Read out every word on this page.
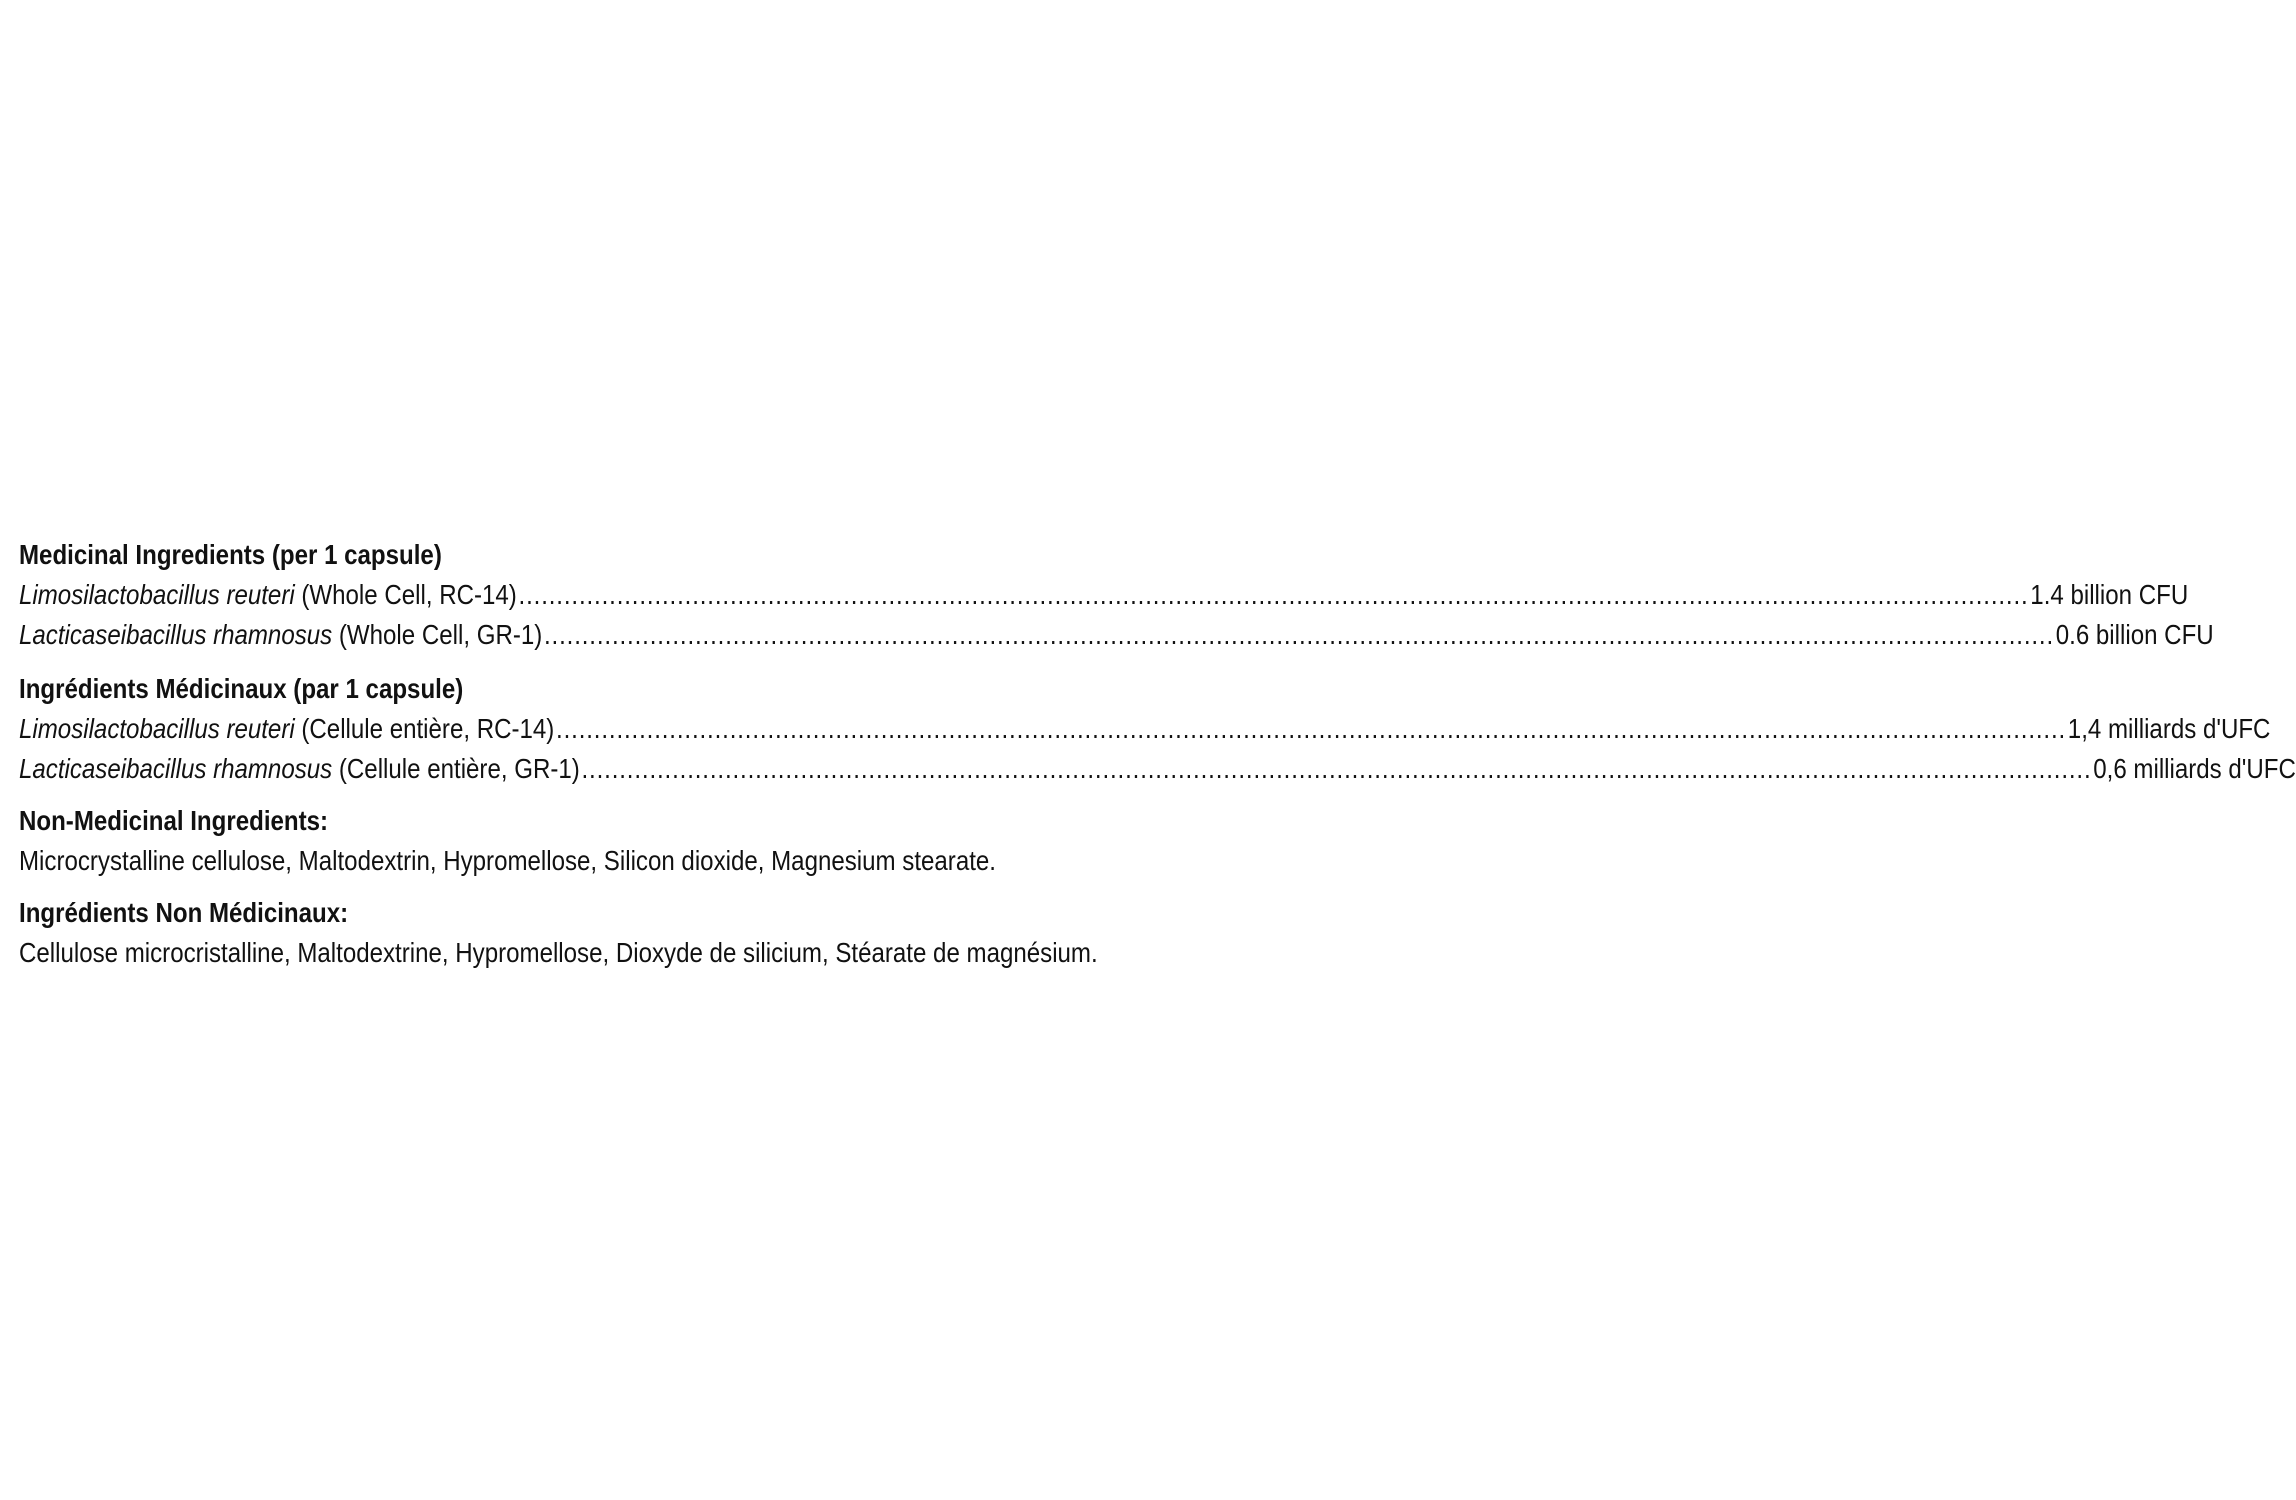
Medicinal Ingredients (per 1 capsule)
Limosilactobacillus reuteri (Whole Cell, RC-14) ........................................................................................................................................................................................................ 1.4 billion CFU
Lacticaseibacillus rhamnosus (Whole Cell, GR-1) ........................................................................................................................................................................................................ 0.6 billion CFU
Ingrédients Médicinaux (par 1 capsule)
Limosilactobacillus reuteri (Cellule entière, RC-14) ........................................................................................................................................................................................................ 1,4 milliards d'UFC
Lacticaseibacillus rhamnosus (Cellule entière, GR-1) ........................................................................................................................................................................................................ 0,6 milliards d'UFC
Non-Medicinal Ingredients:
Microcrystalline cellulose, Maltodextrin, Hypromellose, Silicon dioxide, Magnesium stearate.
Ingrédients Non Médicinaux:
Cellulose microcristalline, Maltodextrine, Hypromellose, Dioxyde de silicium, Stéarate de magnésium.
